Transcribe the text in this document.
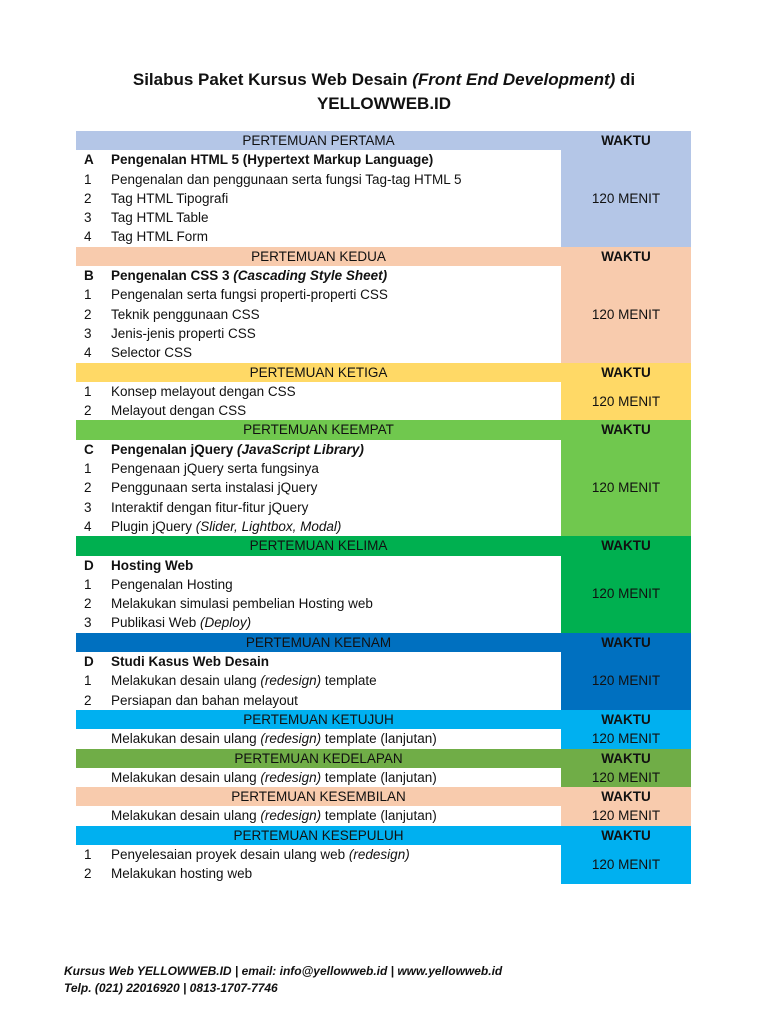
Silabus Paket Kursus Web Desain (Front End Development) di
YELLOWWEB.ID
PERTEMUAN PERTAMA		WAKTU
A	Pengenalan HTML 5 (Hypertext Markup Language)	120 MENIT
1	Pengenalan dan penggunaan serta fungsi Tag-tag HTML 5	
2	Tag HTML Tipografi	
3	Tag HTML Table	
4	Tag HTML Form	
PERTEMUAN KEDUA		WAKTU
B	Pengenalan CSS 3 (Cascading Style Sheet)	120 MENIT
1	Pengenalan serta fungsi properti-properti CSS	
2	Teknik penggunaan CSS	
3	Jenis-jenis properti CSS	
4	Selector CSS	
PERTEMUAN KETIGA		WAKTU
1	Konsep melayout dengan CSS	120 MENIT
2	Melayout dengan CSS	
PERTEMUAN KEEMPAT		WAKTU
C	Pengenalan jQuery (JavaScript Library)	120 MENIT
1	Pengenaan jQuery serta fungsinya	
2	Penggunaan serta instalasi jQuery	
3	Interaktif dengan fitur-fitur jQuery	
4	Plugin jQuery (Slider, Lightbox, Modal)	
PERTEMUAN KELIMA		WAKTU
D	Hosting Web	120 MENIT
1	Pengenalan Hosting	
2	Melakukan simulasi pembelian Hosting web	
3	Publikasi Web (Deploy)	
PERTEMUAN KEENAM		WAKTU
D	Studi Kasus Web Desain	120 MENIT
1	Melakukan desain ulang (redesign) template	
2	Persiapan dan bahan melayout	
PERTEMUAN KETUJUH		WAKTU
	Melakukan desain ulang (redesign) template (lanjutan)	120 MENIT
PERTEMUAN KEDELAPAN		WAKTU
	Melakukan desain ulang (redesign) template (lanjutan)	120 MENIT
PERTEMUAN KESEMBILAN		WAKTU
	Melakukan desain ulang (redesign) template (lanjutan)	120 MENIT
PERTEMUAN KESEPULUH		WAKTU
1	Penyelesaian proyek desain ulang web (redesign)	120 MENIT
2	Melakukan hosting web	
Kursus Web YELLOWWEB.ID | email: info@yellowweb.id | www.yellowweb.id
Telp. (021) 22016920 | 0813-1707-7746
